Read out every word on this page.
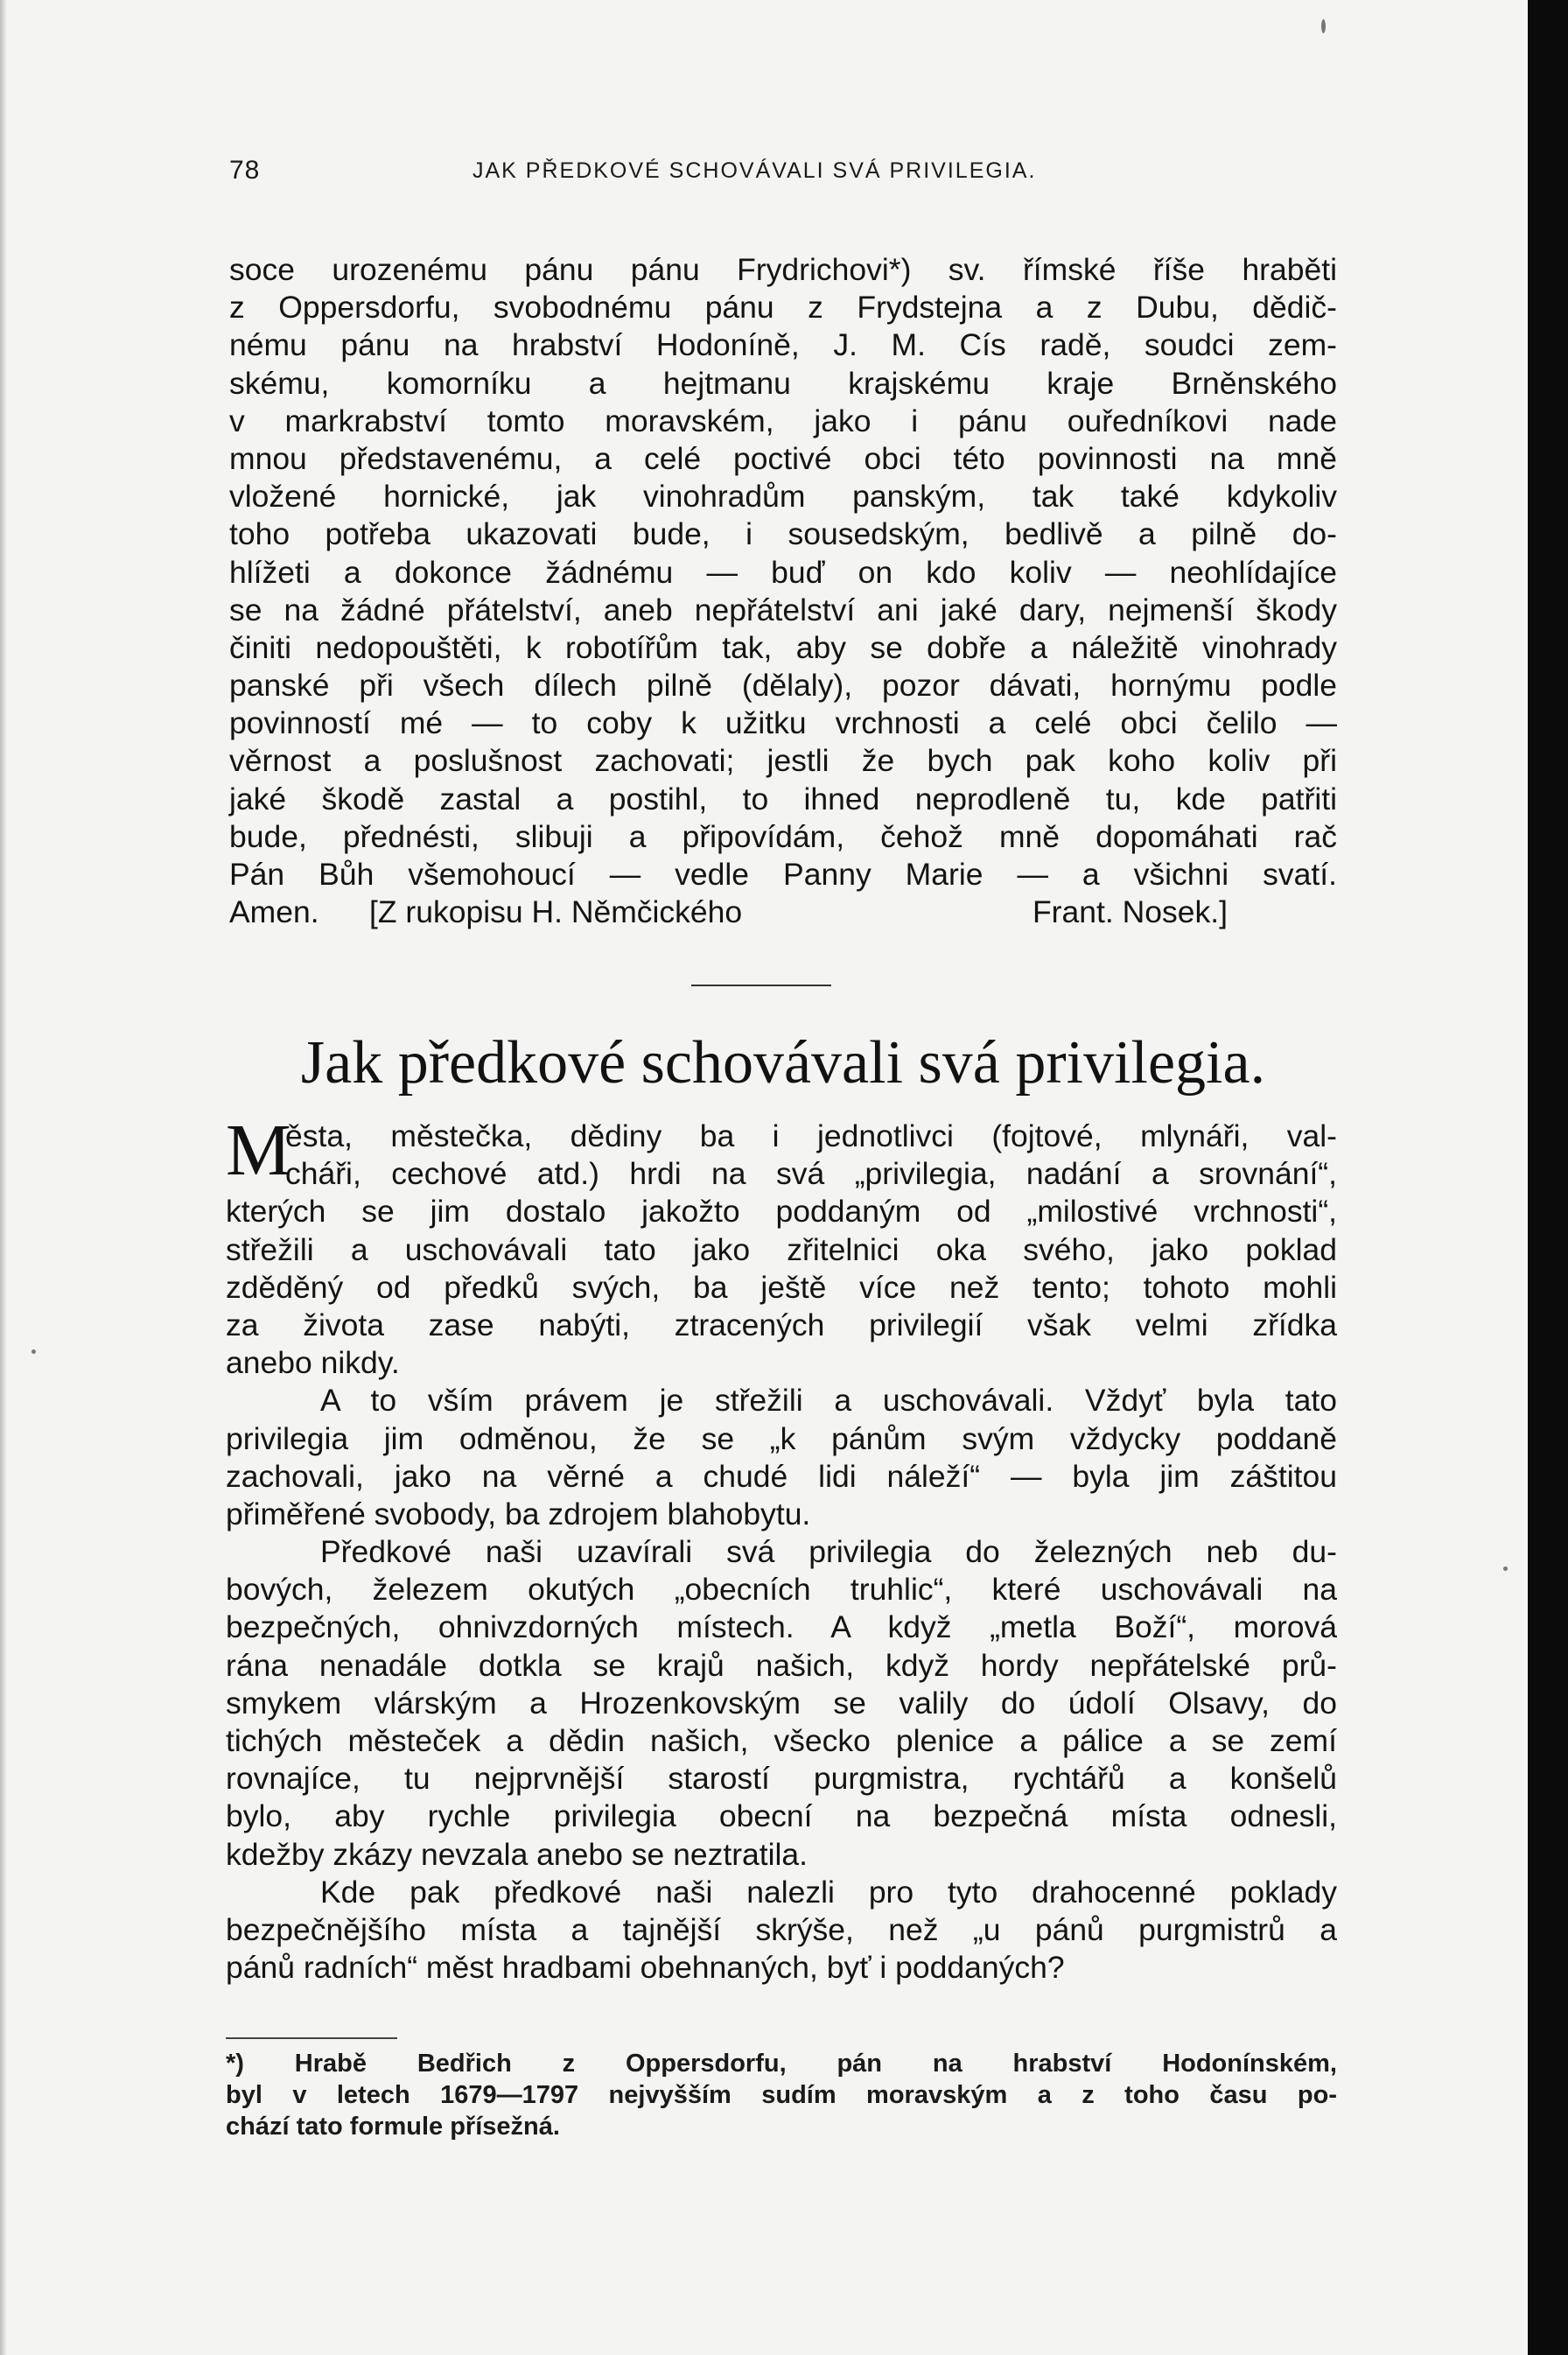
78	JAK PŘEDKOVÉ SCHOVÁVALI SVÁ PRIVILEGIA.
soce urozenému pánu pánu Frydrichovi*) sv. římské říše hraběti
z Oppersdorfu, svobodnému pánu z Frydstejna a z Dubu, dědič-
nému pánu na hrabství Hodoníně, J. M. Cís radě, soudci zem-
skému, komorníku a hejtmanu krajskému kraje Brněnského
v markrabství tomto moravském, jako i pánu ouředníkovi nade
mnou představenému, a celé poctivé obci této povinnosti na mně
vložené hornické, jak vinohradům panským, tak také kdykoliv
toho potřeba ukazovati bude, i sousedským, bedlivě a pilně do-
hlížeti a dokonce žádnému — buď on kdo koliv — neohlídajíce
se na žádné přátelství, aneb nepřátelství ani jaké dary, nejmenší škody
činiti nedopouštěti, k robotířům tak, aby se dobře a náležitě vinohrady
panské při všech dílech pilně (dělaly), pozor dávati, hornýmu podle
povinností mé — to coby k užitku vrchnosti a celé obci čelilo —
věrnost a poslušnost zachovati; jestli že bych pak koho koliv při
jaké škodě zastal a postihl, to ihned neprodleně tu, kde patřiti
bude, přednésti, slibuji a připovídám, čehož mně dopomáhati rač
Pán Bůh všemohoucí — vedle Panny Marie — a všichni svatí.
Amen. [Z rukopisu H. Němčického	Frant. Nosek.]
Jak předkové schovávali svá privilegia.
M
ěsta, městečka, dědiny ba i jednotlivci (fojtové, mlynáři, val-
cháři, cechové atd.) hrdi na svá „privilegia, nadání a srovnání“,
kterých se jim dostalo jakožto poddaným od „milostivé vrchnosti“,
střežili a uschovávali tato jako zřitelnici oka svého, jako poklad
zděděný od předků svých, ba ještě více než tento; tohoto mohli
za života zase nabýti, ztracených privilegií však velmi zřídka
anebo nikdy.
A to vším právem je střežili a uschovávali. Vždyť byla tato
privilegia jim odměnou, že se „k pánům svým vždycky poddaně
zachovali, jako na věrné a chudé lidi náleží“ — byla jim záštitou
přiměřené svobody, ba zdrojem blahobytu.
Předkové naši uzavírali svá privilegia do železných neb du-
bových, železem okutých „obecních truhlic“, které uschovávali na
bezpečných, ohnivzdorných místech. A když „metla Boží“, morová
rána nenadále dotkla se krajů našich, když hordy nepřátelské prů-
smykem vlárským a Hrozenkovským se valily do údolí Olsavy, do
tichých městeček a dědin našich, všecko plenice a pálice a se zemí
rovnajíce, tu nejprvnější starostí purgmistra, rychtářů a konšelů
bylo, aby rychle privilegia obecní na bezpečná místa odnesli,
kdežby zkázy nevzala anebo se neztratila.
Kde pak předkové naši nalezli pro tyto drahocenné poklady
bezpečnějšího místa a tajnější skrýše, než „u pánů purgmistrů a
pánů radních“ měst hradbami obehnaných, byť i poddaných?
*) Hrabě Bedřich z Oppersdorfu, pán na hrabství Hodonínském,
byl v letech 1679—1797 nejvyšším sudím moravským a z toho času po-
chází tato formule přísežná.
